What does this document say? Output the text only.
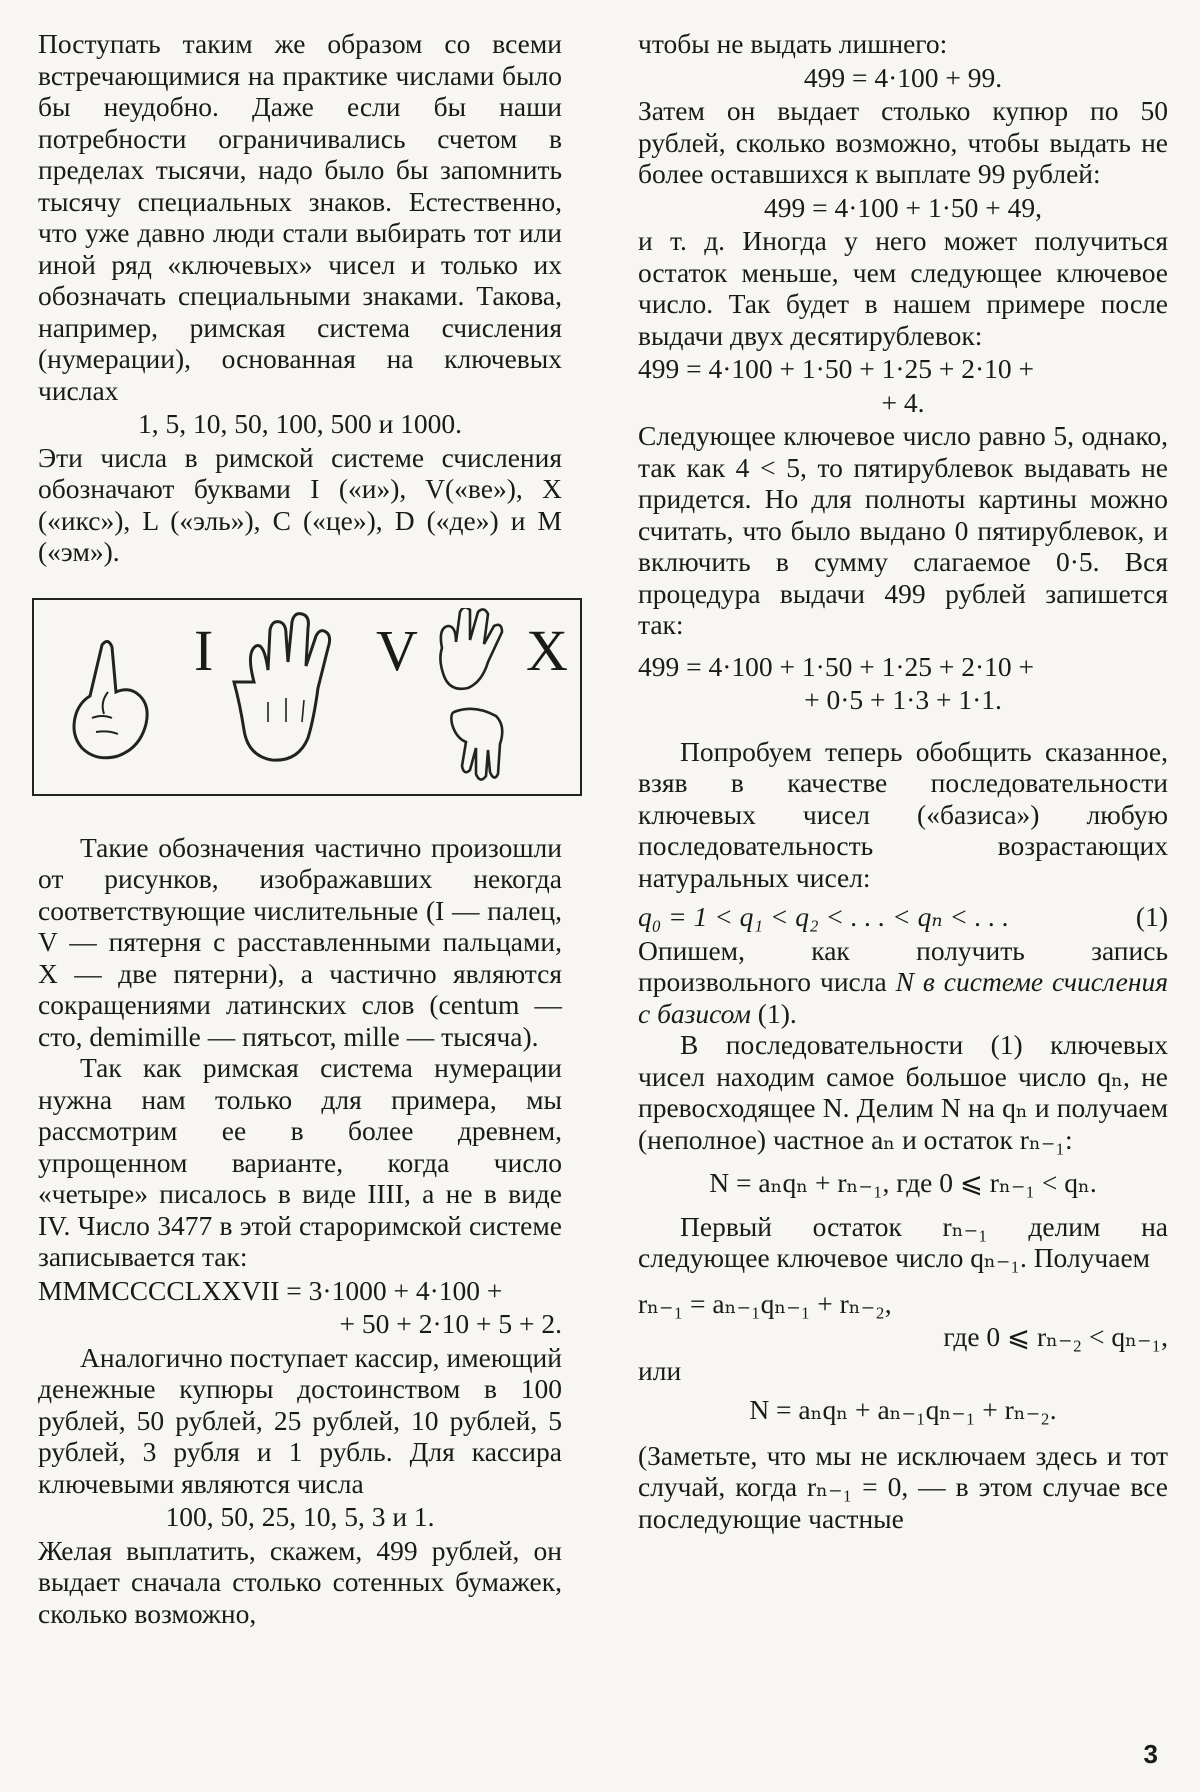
Поступать таким же образом со всеми встречающимися на практике числами было бы неудобно. Даже если бы наши потребности ограничивались счетом в пределах тысячи, надо было бы запомнить тысячу специальных знаков. Естественно, что уже давно люди стали выбирать тот или иной ряд «ключевых» чисел и только их обозначать специальными знаками. Такова, например, римская система счисления (нумерации), основанная на ключевых числах

1, 5, 10, 50, 100, 500 и 1000.

Эти числа в римской системе счисления обозначают буквами I («и»), V(«ве»), X («икс»), L («эль»), C («це»), D («де») и M («эм»).

I	V X

Такие обозначения частично произошли от рисунков, изображавших некогда соответствующие числительные (I — палец, V — пятерня с расставленными пальцами, X — две пятерни), а частично являются сокращениями латинских слов (centum — сто, demimille — пятьсот, mille — тысяча).

Так как римская система нумерации нужна нам только для примера, мы рассмотрим ее в более древнем, упрощенном варианте, когда число «четыре» писалось в виде IIII, а не в виде IV. Число 3477 в этой староримской системе записывается так:

MMMCCCCLXXVII = 3·1000 + 4·100 +
+ 50 + 2·10 + 5 + 2.

Аналогично поступает кассир, имеющий денежные купюры достоинством в 100 рублей, 50 рублей, 25 рублей, 10 рублей, 5 рублей, 3 рубля и 1 рубль. Для кассира ключевыми являются числа

100, 50, 25, 10, 5, 3 и 1.

Желая выплатить, скажем, 499 рублей, он выдает сначала столько сотенных бумажек, сколько возможно,

чтобы не выдать лишнего:

499 = 4·100 + 99.

Затем он выдает столько купюр по 50 рублей, сколько возможно, чтобы выдать не более оставшихся к выплате 99 рублей:

499 = 4·100 + 1·50 + 49,

и т. д. Иногда у него может получиться остаток меньше, чем следующее ключевое число. Так будет в нашем примере после выдачи двух десятирублевок:

499 = 4·100 + 1·50 + 1·25 + 2·10 +
+ 4.

Следующее ключевое число равно 5, однако, так как 4 < 5, то пятирублевок выдавать не придется. Но для полноты картины можно считать, что было выдано 0 пятирублевок, и включить в сумму слагаемое 0·5. Вся процедура выдачи 499 рублей запишется так:

499 = 4·100 + 1·50 + 1·25 + 2·10 +
+ 0·5 + 1·3 + 1·1.

Попробуем теперь обобщить сказанное, взяв в качестве последовательности ключевых чисел («базиса») любую последовательность возрастающих натуральных чисел:

q₀ = 1 < q₁ < q₂ < . . . < qₙ < . . .	(1)

Опишем, как получить запись произвольного числа N в системе счисления с базисом (1).

В последовательности (1) ключевых чисел находим самое большое число qₙ, не превосходящее N. Делим N на qₙ и получаем (неполное) частное aₙ и остаток rₙ₋₁:

N = aₙqₙ + rₙ₋₁, где 0 ⩽ rₙ₋₁ < qₙ.

Первый остаток rₙ₋₁ делим на следующее ключевое число qₙ₋₁. Получаем

rₙ₋₁ = aₙ₋₁qₙ₋₁ + rₙ₋₂,
где 0 ⩽ rₙ₋₂ < qₙ₋₁,

или

N = aₙqₙ + aₙ₋₁qₙ₋₁ + rₙ₋₂.

(Заметьте, что мы не исключаем здесь и тот случай, когда rₙ₋₁ = 0, — в этом случае все последующие частные

3
